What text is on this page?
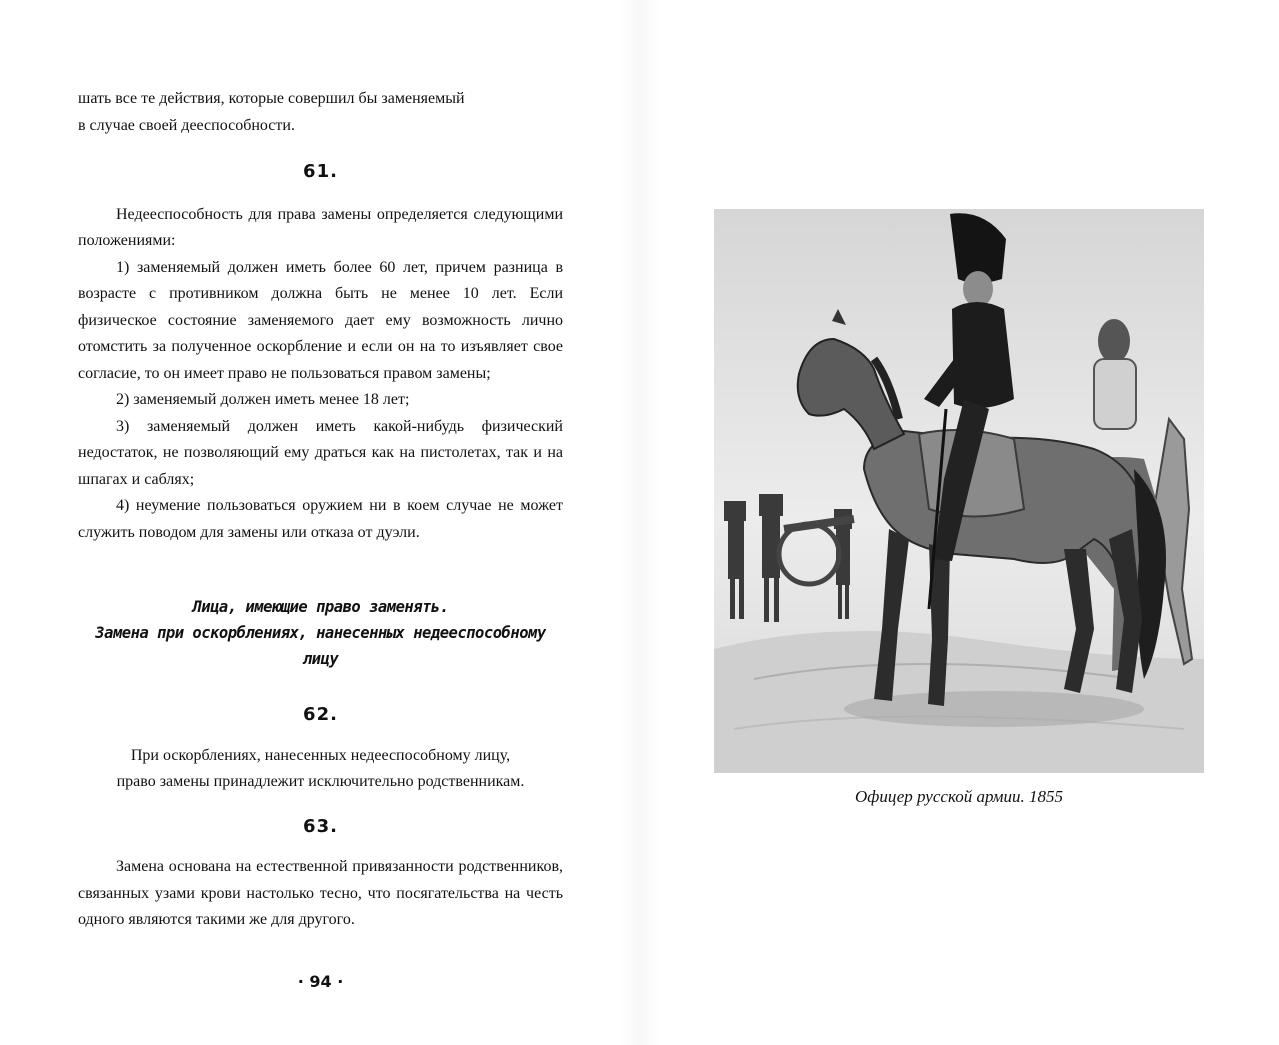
шать все те действия, которые совершил бы заменяемый

в случае своей дееспособности.

61.

Недееспособность для права замены определяется следующими положениями:

1) заменяемый должен иметь более 60 лет, причем разница в возрасте с противником должна быть не менее 10 лет. Если физическое состояние заменяемого дает ему возможность лично отомстить за полученное оскорбление и если он на то изъявляет свое согласие, то он имеет право не пользоваться правом замены;

2) заменяемый должен иметь менее 18 лет;

3) заменяемый должен иметь какой-нибудь физический недостаток, не позволяющий ему драться как на пистолетах, так и на шпагах и саблях;

4) неумение пользоваться оружием ни в коем случае не может служить поводом для замены или отказа от дуэли.

Лица, имеющие право заменять.
Замена при оскорблениях, нанесенных недееспособному лицу
62.

При оскорблениях, нанесенных недееспособному лицу,

право замены принадлежит исключительно родственникам.

63.

Замена основана на естественной привязанности родственников, связанных узами крови настолько тесно, что посягательства на честь одного являются такими же для другого.

· 94 ·
Офицер русской армии. 1855
